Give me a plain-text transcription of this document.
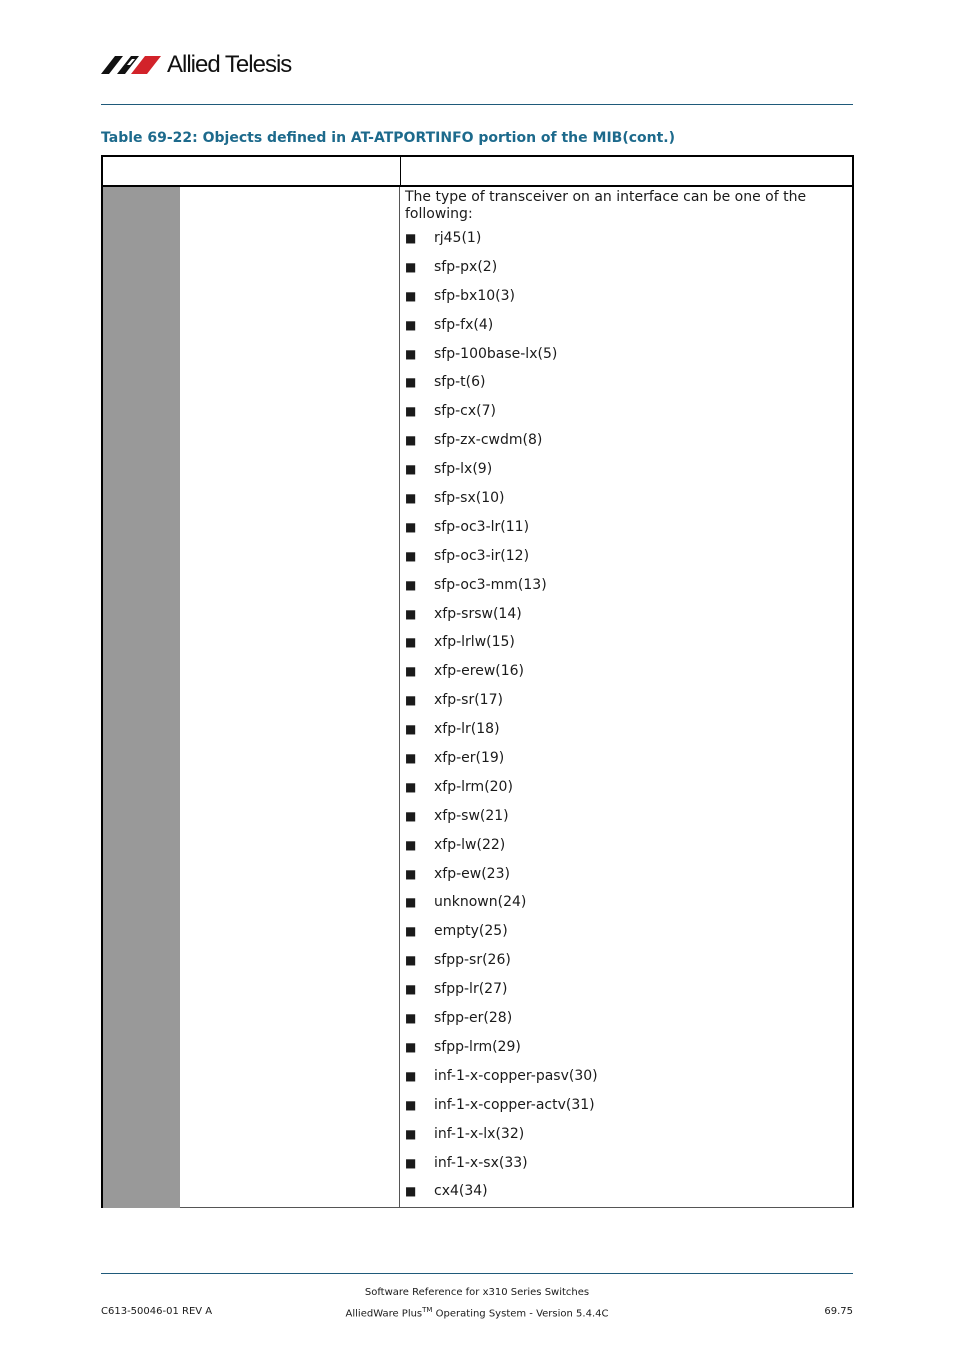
Allied Telesis
Table 69-22: Objects defined in AT-ATPORTINFO portion of the MIB(cont.)

The type of transceiver on an interface can be one of the following:

■	rj45(1)
■	sfp-px(2)
■	sfp-bx10(3)
■	sfp-fx(4)
■	sfp-100base-lx(5)
■	sfp-t(6)
■	sfp-cx(7)
■	sfp-zx-cwdm(8)
■	sfp-lx(9)
■	sfp-sx(10)
■	sfp-oc3-lr(11)
■	sfp-oc3-ir(12)
■	sfp-oc3-mm(13)
■	xfp-srsw(14)
■	xfp-lrlw(15)
■	xfp-erew(16)
■	xfp-sr(17)
■	xfp-lr(18)
■	xfp-er(19)
■	xfp-lrm(20)
■	xfp-sw(21)
■	xfp-lw(22)
■	xfp-ew(23)
■	unknown(24)
■	empty(25)
■	sfpp-sr(26)
■	sfpp-lr(27)
■	sfpp-er(28)
■	sfpp-lrm(29)
■	inf-1-x-copper-pasv(30)
■	inf-1-x-copper-actv(31)
■	inf-1-x-lx(32)
■	inf-1-x-sx(33)
■	cx4(34)
Software Reference for x310 Series Switches
C613-50046-01 REV A	AlliedWare Plus™ Operating System - Version 5.4.4C	69.75
